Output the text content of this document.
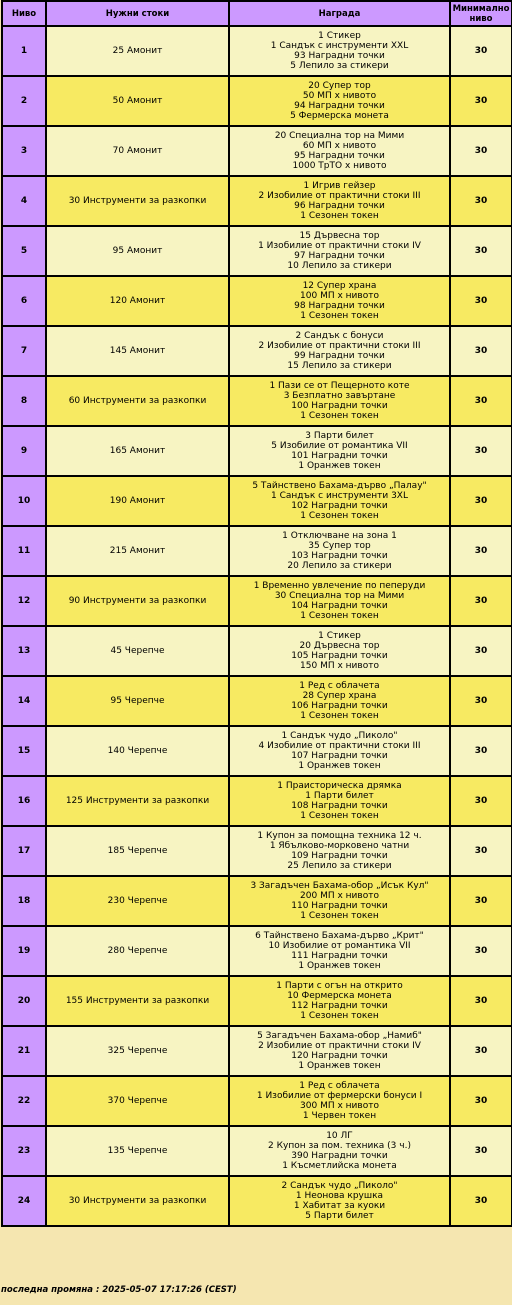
Ниво	Нужни стоки	Награда	Минимално ниво
1	25 Амонит	1 Стикер
1 Сандък с инструменти XXL
93 Наградни точки
5 Лепило за стикери	30
2	50 Амонит	20 Супер тор
50 МП x нивото
94 Наградни точки
5 Фермерска монета	30
3	70 Амонит	20 Специална тор на Мими
60 МП x нивото
95 Наградни точки
1000 ТрТО x нивото	30
4	30 Инструменти за разкопки	1 Игрив гейзер
2 Изобилие от практични стоки III
96 Наградни точки
1 Сезонен токен	30
5	95 Амонит	15 Дървесна тор
1 Изобилие от практични стоки IV
97 Наградни точки
10 Лепило за стикери	30
6	120 Амонит	12 Супер храна
100 МП x нивото
98 Наградни точки
1 Сезонен токен	30
7	145 Амонит	2 Сандък с бонуси
2 Изобилие от практични стоки III
99 Наградни точки
15 Лепило за стикери	30
8	60 Инструменти за разкопки	1 Пази се от Пещерното коте
3 Безплатно завъртане
100 Наградни точки
1 Сезонен токен	30
9	165 Амонит	3 Парти билет
5 Изобилие от романтика VII
101 Наградни точки
1 Оранжев токен	30
10	190 Амонит	5 Тайнствено Бахама-дърво „Палау"
1 Сандък с инструменти 3XL
102 Наградни точки
1 Сезонен токен	30
11	215 Амонит	1 Отключване на зона 1
35 Супер тор
103 Наградни точки
20 Лепило за стикери	30
12	90 Инструменти за разкопки	1 Временно увлечение по пеперуди
30 Специална тор на Мими
104 Наградни точки
1 Сезонен токен	30
13	45 Черепче	1 Стикер
20 Дървесна тор
105 Наградни точки
150 МП x нивото	30
14	95 Черепче	1 Ред с облачета
28 Супер храна
106 Наградни точки
1 Сезонен токен	30
15	140 Черепче	1 Сандък чудо „Пиколо"
4 Изобилие от практични стоки III
107 Наградни точки
1 Оранжев токен	30
16	125 Инструменти за разкопки	1 Праисторическа дрямка
1 Парти билет
108 Наградни точки
1 Сезонен токен	30
17	185 Черепче	1 Купон за помощна техника 12 ч.
1 Ябълково-морковено чатни
109 Наградни точки
25 Лепило за стикери	30
18	230 Черепче	3 Загадъчен Бахама-обор „Исък Кул"
200 МП x нивото
110 Наградни точки
1 Сезонен токен	30
19	280 Черепче	6 Тайнствено Бахама-дърво „Крит"
10 Изобилие от романтика VII
111 Наградни точки
1 Оранжев токен	30
20	155 Инструменти за разкопки	1 Парти с огън на открито
10 Фермерска монета
112 Наградни точки
1 Сезонен токен	30
21	325 Черепче	5 Загадъчен Бахама-обор „Намиб"
2 Изобилие от практични стоки IV
120 Наградни точки
1 Оранжев токен	30
22	370 Черепче	1 Ред с облачета
1 Изобилие от фермерски бонуси I
300 МП x нивото
1 Червен токен	30
23	135 Черепче	10 ЛГ
2 Купон за пом. техника (3 ч.)
390 Наградни точки
1 Късметлийска монета	30
24	30 Инструменти за разкопки	2 Сандък чудо „Пиколо"
1 Неонова крушка
1 Хабитат за куоки
5 Парти билет	30
последна промяна : 2025-05-07 17:17:26 (CEST)
